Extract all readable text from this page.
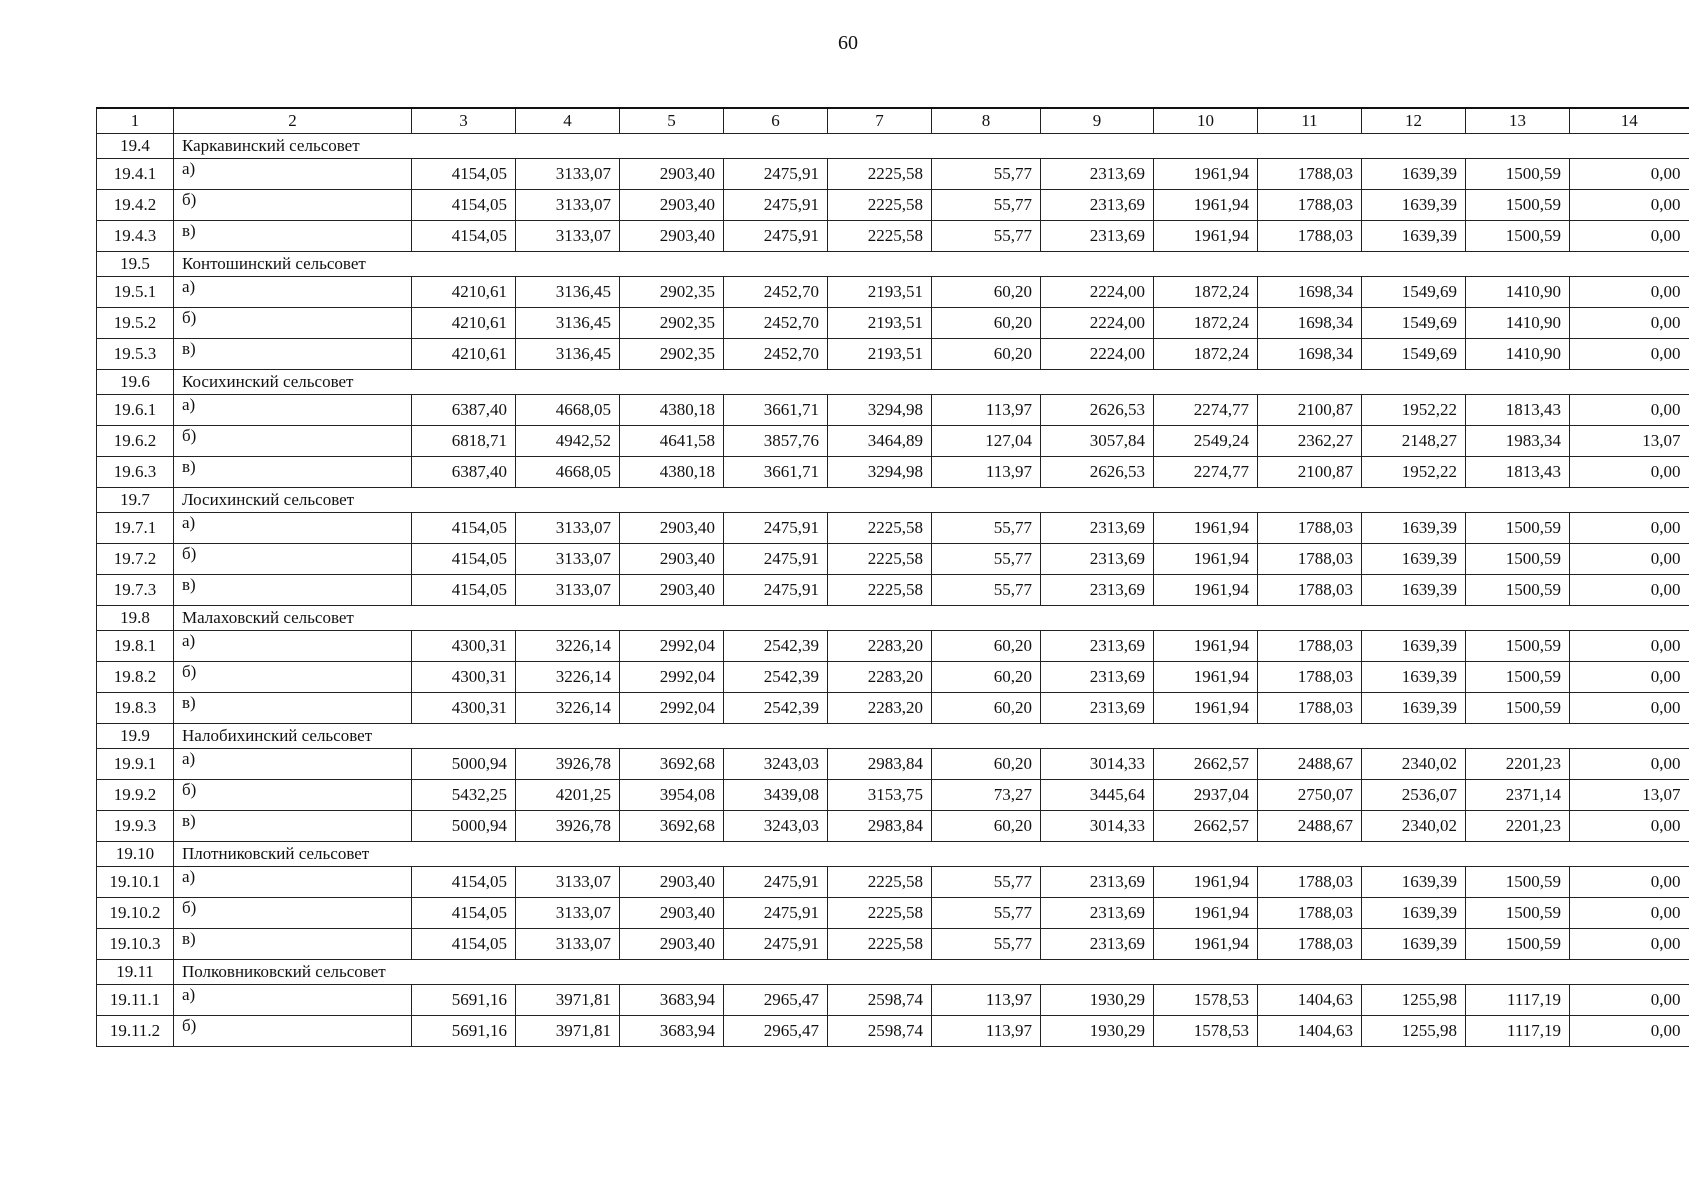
60
1	2	3	4	5	6	7	8	9	10	11	12	13	14
19.4	Каркавинский сельсовет												
19.4.1	а)	4154,05	3133,07	2903,40	2475,91	2225,58	55,77	2313,69	1961,94	1788,03	1639,39	1500,59	0,00
19.4.2	б)	4154,05	3133,07	2903,40	2475,91	2225,58	55,77	2313,69	1961,94	1788,03	1639,39	1500,59	0,00
19.4.3	в)	4154,05	3133,07	2903,40	2475,91	2225,58	55,77	2313,69	1961,94	1788,03	1639,39	1500,59	0,00
19.5	Контошинский сельсовет												
19.5.1	а)	4210,61	3136,45	2902,35	2452,70	2193,51	60,20	2224,00	1872,24	1698,34	1549,69	1410,90	0,00
19.5.2	б)	4210,61	3136,45	2902,35	2452,70	2193,51	60,20	2224,00	1872,24	1698,34	1549,69	1410,90	0,00
19.5.3	в)	4210,61	3136,45	2902,35	2452,70	2193,51	60,20	2224,00	1872,24	1698,34	1549,69	1410,90	0,00
19.6	Косихинский сельсовет												
19.6.1	а)	6387,40	4668,05	4380,18	3661,71	3294,98	113,97	2626,53	2274,77	2100,87	1952,22	1813,43	0,00
19.6.2	б)	6818,71	4942,52	4641,58	3857,76	3464,89	127,04	3057,84	2549,24	2362,27	2148,27	1983,34	13,07
19.6.3	в)	6387,40	4668,05	4380,18	3661,71	3294,98	113,97	2626,53	2274,77	2100,87	1952,22	1813,43	0,00
19.7	Лосихинский сельсовет												
19.7.1	а)	4154,05	3133,07	2903,40	2475,91	2225,58	55,77	2313,69	1961,94	1788,03	1639,39	1500,59	0,00
19.7.2	б)	4154,05	3133,07	2903,40	2475,91	2225,58	55,77	2313,69	1961,94	1788,03	1639,39	1500,59	0,00
19.7.3	в)	4154,05	3133,07	2903,40	2475,91	2225,58	55,77	2313,69	1961,94	1788,03	1639,39	1500,59	0,00
19.8	Малаховский сельсовет												
19.8.1	а)	4300,31	3226,14	2992,04	2542,39	2283,20	60,20	2313,69	1961,94	1788,03	1639,39	1500,59	0,00
19.8.2	б)	4300,31	3226,14	2992,04	2542,39	2283,20	60,20	2313,69	1961,94	1788,03	1639,39	1500,59	0,00
19.8.3	в)	4300,31	3226,14	2992,04	2542,39	2283,20	60,20	2313,69	1961,94	1788,03	1639,39	1500,59	0,00
19.9	Налобихинский сельсовет												
19.9.1	а)	5000,94	3926,78	3692,68	3243,03	2983,84	60,20	3014,33	2662,57	2488,67	2340,02	2201,23	0,00
19.9.2	б)	5432,25	4201,25	3954,08	3439,08	3153,75	73,27	3445,64	2937,04	2750,07	2536,07	2371,14	13,07
19.9.3	в)	5000,94	3926,78	3692,68	3243,03	2983,84	60,20	3014,33	2662,57	2488,67	2340,02	2201,23	0,00
19.10	Плотниковский сельсовет												
19.10.1	а)	4154,05	3133,07	2903,40	2475,91	2225,58	55,77	2313,69	1961,94	1788,03	1639,39	1500,59	0,00
19.10.2	б)	4154,05	3133,07	2903,40	2475,91	2225,58	55,77	2313,69	1961,94	1788,03	1639,39	1500,59	0,00
19.10.3	в)	4154,05	3133,07	2903,40	2475,91	2225,58	55,77	2313,69	1961,94	1788,03	1639,39	1500,59	0,00
19.11	Полковниковский сельсовет												
19.11.1	а)	5691,16	3971,81	3683,94	2965,47	2598,74	113,97	1930,29	1578,53	1404,63	1255,98	1117,19	0,00
19.11.2	б)	5691,16	3971,81	3683,94	2965,47	2598,74	113,97	1930,29	1578,53	1404,63	1255,98	1117,19	0,00
